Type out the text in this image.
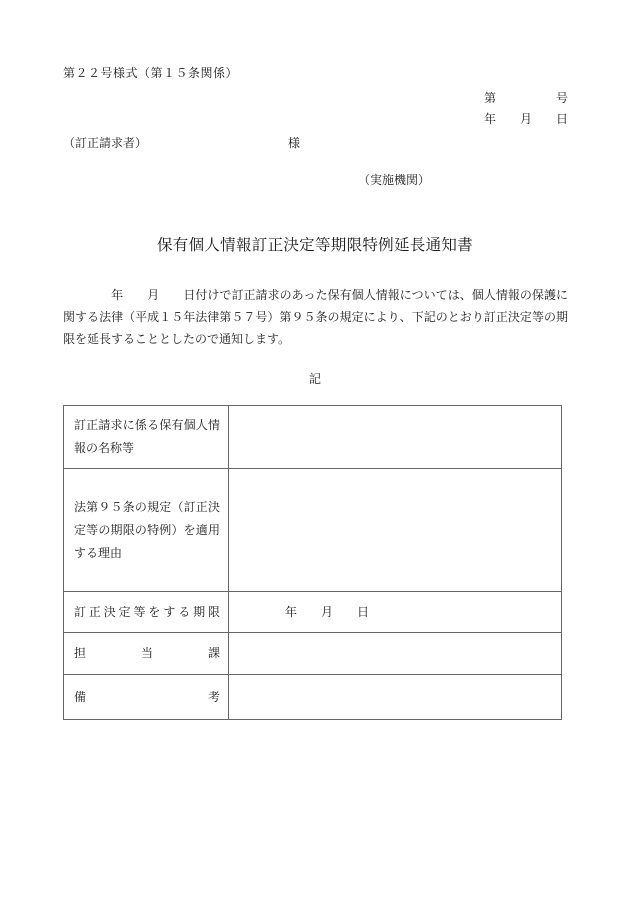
第２２号様式（第１５条関係）
第　　　　　号
年　　月　　日
（訂正請求者）	様
（実施機関）
保有個人情報訂正決定等期限特例延長通知書
　　　　年　　月　　日付けで訂正請求のあった保有個人情報については、個人情報の保護に関する法律（平成１５年法律第５７号）第９５条の規定により、下記のとおり訂正決定等の期限を延長することとしたので通知します。
記
訂正請求に係る保有個人情報の名称等	
法第９５条の規定（訂正決定等の期限の特例）を適用する理由	
訂正決定等をする期限	　　　　年　　月　　日
担当課	
備考	
